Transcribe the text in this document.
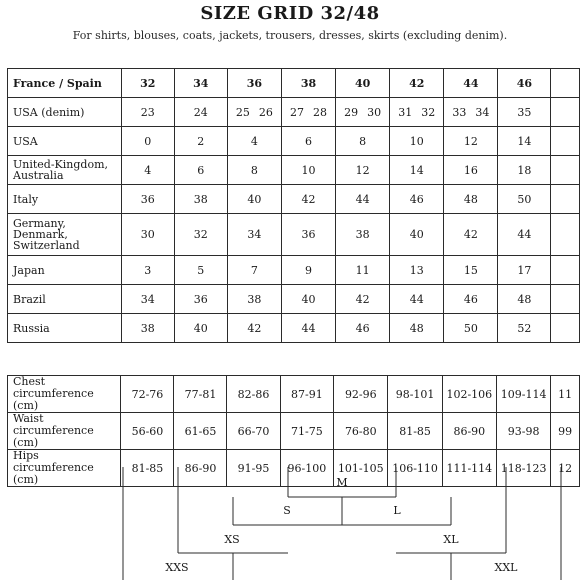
SIZE GRID 32/48
For shirts, blouses, coats, jackets, trousers, dresses, skirts (excluding denim).
France / Spain	32	34	36	38	40	42	44	46	
USA (denim)	23	24	25 26	27 28	29 30	31 32	33 34	35	
USA	0	2	4	6	8	10	12	14	
United-Kingdom, Australia	4	6	8	10	12	14	16	18	
Italy	36	38	40	42	44	46	48	50	
Germany, Denmark, Switzerland	30	32	34	36	38	40	42	44	
Japan	3	5	7	9	11	13	15	17	
Brazil	34	36	38	40	42	44	46	48	
Russia	38	40	42	44	46	48	50	52	
Chest circumference (cm)	72-76	77-81	82-86	87-91	92-96	98-101	102-106	109-114	11
Waist circumference (cm)	56-60	61-65	66-70	71-75	76-80	81-85	86-90	93-98	99
Hips circumference (cm)	81-85	86-90	91-95	96-100	101-105	106-110	111-114	118-123	12
M
S	L
XS	XL
XXS	XXL
